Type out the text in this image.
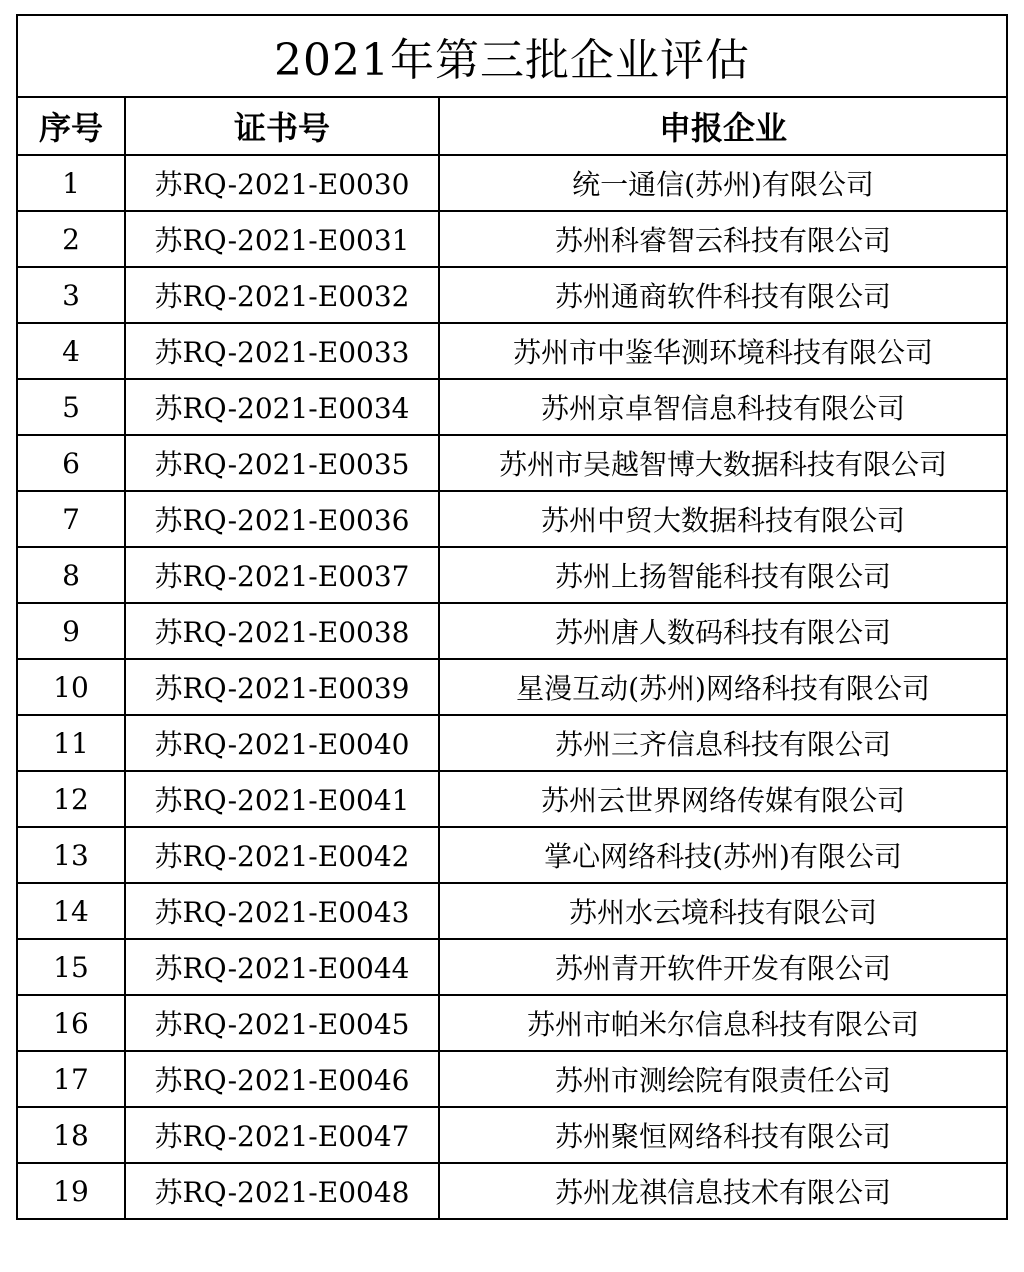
2021年第三批企业评估		
序号	证书号	申报企业
1	苏RQ-2021-E0030	统一通信(苏州)有限公司
2	苏RQ-2021-E0031	苏州科睿智云科技有限公司
3	苏RQ-2021-E0032	苏州通商软件科技有限公司
4	苏RQ-2021-E0033	苏州市中鉴华测环境科技有限公司
5	苏RQ-2021-E0034	苏州京卓智信息科技有限公司
6	苏RQ-2021-E0035	苏州市吴越智博大数据科技有限公司
7	苏RQ-2021-E0036	苏州中贸大数据科技有限公司
8	苏RQ-2021-E0037	苏州上扬智能科技有限公司
9	苏RQ-2021-E0038	苏州唐人数码科技有限公司
10	苏RQ-2021-E0039	星漫互动(苏州)网络科技有限公司
11	苏RQ-2021-E0040	苏州三齐信息科技有限公司
12	苏RQ-2021-E0041	苏州云世界网络传媒有限公司
13	苏RQ-2021-E0042	掌心网络科技(苏州)有限公司
14	苏RQ-2021-E0043	苏州水云境科技有限公司
15	苏RQ-2021-E0044	苏州青开软件开发有限公司
16	苏RQ-2021-E0045	苏州市帕米尔信息科技有限公司
17	苏RQ-2021-E0046	苏州市测绘院有限责任公司
18	苏RQ-2021-E0047	苏州聚恒网络科技有限公司
19	苏RQ-2021-E0048	苏州龙祺信息技术有限公司
